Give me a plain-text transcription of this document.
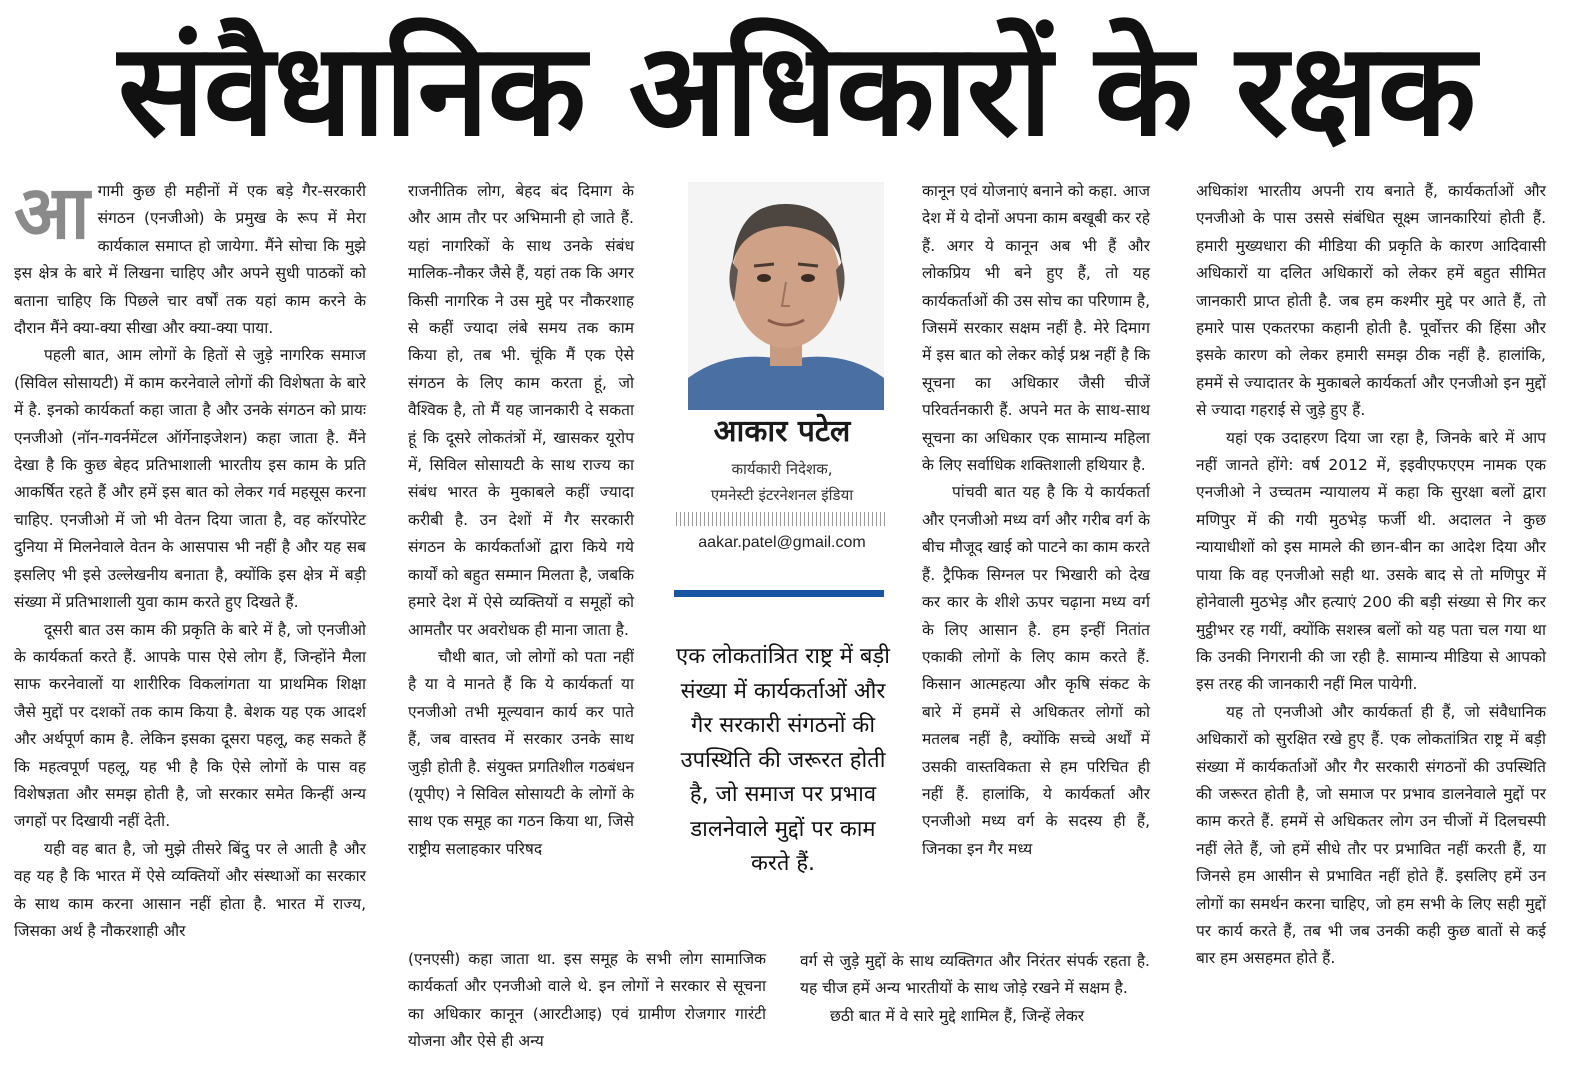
संवैधानिक अधिकारों के रक्षक

आगामी कुछ ही महीनों में एक बड़े गैर-सरकारी संगठन (एनजीओ) के प्रमुख के रूप में मेरा कार्यकाल समाप्त हो जायेगा. मैंने सोचा कि मुझे इस क्षेत्र के बारे में लिखना चाहिए और अपने सुधी पाठकों को बताना चाहिए कि पिछले चार वर्षों तक यहां काम करने के दौरान मैंने क्या-क्या सीखा और क्या-क्या पाया.

पहली बात, आम लोगों के हितों से जुड़े नागरिक समाज (सिविल सोसायटी) में काम करनेवाले लोगों की विशेषता के बारे में है. इनको कार्यकर्ता कहा जाता है और उनके संगठन को प्रायः एनजीओ (नॉन-गवर्नमेंटल ऑर्गेनाइजेशन) कहा जाता है. मैंने देखा है कि कुछ बेहद प्रतिभाशाली भारतीय इस काम के प्रति आकर्षित रहते हैं और हमें इस बात को लेकर गर्व महसूस करना चाहिए. एनजीओ में जो भी वेतन दिया जाता है, वह कॉरपोरेट दुनिया में मिलनेवाले वेतन के आसपास भी नहीं है और यह सब इसलिए भी इसे उल्लेखनीय बनाता है, क्योंकि इस क्षेत्र में बड़ी संख्या में प्रतिभाशाली युवा काम करते हुए दिखते हैं.

दूसरी बात उस काम की प्रकृति के बारे में है, जो एनजीओ के कार्यकर्ता करते हैं. आपके पास ऐसे लोग हैं, जिन्होंने मैला साफ करनेवालों या शारीरिक विकलांगता या प्राथमिक शिक्षा जैसे मुद्दों पर दशकों तक काम किया है. बेशक यह एक आदर्श और अर्थपूर्ण काम है. लेकिन इसका दूसरा पहलू, कह सकते हैं कि महत्वपूर्ण पहलू, यह भी है कि ऐसे लोगों के पास वह विशेषज्ञता और समझ होती है, जो सरकार समेत किन्हीं अन्य जगहों पर दिखायी नहीं देती.

यही वह बात है, जो मुझे तीसरे बिंदु पर ले आती है और वह यह है कि भारत में ऐसे व्यक्तियों और संस्थाओं का सरकार के साथ काम करना आसान नहीं होता है. भारत में राज्य, जिसका अर्थ है नौकरशाही और

राजनीतिक लोग, बेहद बंद दिमाग के और आम तौर पर अभिमानी हो जाते हैं. यहां नागरिकों के साथ उनके संबंध मालिक-नौकर जैसे हैं, यहां तक कि अगर किसी नागरिक ने उस मुद्दे पर नौकरशाह से कहीं ज्यादा लंबे समय तक काम किया हो, तब भी. चूंकि मैं एक ऐसे संगठन के लिए काम करता हूं, जो वैश्विक है, तो मैं यह जानकारी दे सकता हूं कि दूसरे लोकतंत्रों में, खासकर यूरोप में, सिविल सोसायटी के साथ राज्य का संबंध भारत के मुकाबले कहीं ज्यादा करीबी है. उन देशों में गैर सरकारी संगठन के कार्यकर्ताओं द्वारा किये गये कार्यों को बहुत सम्मान मिलता है, जबकि हमारे देश में ऐसे व्यक्तियों व समूहों को आमतौर पर अवरोधक ही माना जाता है.

चौथी बात, जो लोगों को पता नहीं है या वे मानते हैं कि ये कार्यकर्ता या एनजीओ तभी मूल्यवान कार्य कर पाते हैं, जब वास्तव में सरकार उनके साथ जुड़ी होती है. संयुक्त प्रगतिशील गठबंधन (यूपीए) ने सिविल सोसायटी के लोगों के साथ एक समूह का गठन किया था, जिसे राष्ट्रीय सलाहकार परिषद

(एनएसी) कहा जाता था. इस समूह के सभी लोग सामाजिक कार्यकर्ता और एनजीओ वाले थे. इन लोगों ने सरकार से सूचना का अधिकार कानून (आरटीआइ) एवं ग्रामीण रोजगार गारंटी योजना और ऐसे ही अन्य

आकार पटेल
कार्यकारी निदेशक,
एमनेस्टी इंटरनेशनल इंडिया
aakar.patel@gmail.com
एक लोकतांत्रित राष्ट्र में बड़ी संख्या में कार्यकर्ताओं और गैर सरकारी संगठनों की उपस्थिति की जरूरत होती है, जो समाज पर प्रभाव डालनेवाले मुद्दों पर काम करते हैं.

कानून एवं योजनाएं बनाने को कहा. आज देश में ये दोनों अपना काम बखूबी कर रहे हैं. अगर ये कानून अब भी हैं और लोकप्रिय भी बने हुए हैं, तो यह कार्यकर्ताओं की उस सोच का परिणाम है, जिसमें सरकार सक्षम नहीं है. मेरे दिमाग में इस बात को लेकर कोई प्रश्न नहीं है कि सूचना का अधिकार जैसी चीजें परिवर्तनकारी हैं. अपने मत के साथ-साथ सूचना का अधिकार एक सामान्य महिला के लिए सर्वाधिक शक्तिशाली हथियार है.

पांचवी बात यह है कि ये कार्यकर्ता और एनजीओ मध्य वर्ग और गरीब वर्ग के बीच मौजूद खाई को पाटने का काम करते हैं. ट्रैफिक सिग्नल पर भिखारी को देख कर कार के शीशे ऊपर चढ़ाना मध्य वर्ग के लिए आसान है. हम इन्हीं नितांत एकाकी लोगों के लिए काम करते हैं. किसान आत्महत्या और कृषि संकट के बारे में हममें से अधिकतर लोगों को मतलब नहीं है, क्योंकि सच्चे अर्थों में उसकी वास्तविकता से हम परिचित ही नहीं हैं. हालांकि, ये कार्यकर्ता और एनजीओ मध्य वर्ग के सदस्य ही हैं, जिनका इन गैर मध्य

वर्ग से जुड़े मुद्दों के साथ व्यक्तिगत और निरंतर संपर्क रहता है. यह चीज हमें अन्य भारतीयों के साथ जोड़े रखने में सक्षम है.

छठी बात में वे सारे मुद्दे शामिल हैं, जिन्हें लेकर

अधिकांश भारतीय अपनी राय बनाते हैं, कार्यकर्ताओं और एनजीओ के पास उससे संबंधित सूक्ष्म जानकारियां होती हैं. हमारी मुख्यधारा की मीडिया की प्रकृति के कारण आदिवासी अधिकारों या दलित अधिकारों को लेकर हमें बहुत सीमित जानकारी प्राप्त होती है. जब हम कश्मीर मुद्दे पर आते हैं, तो हमारे पास एकतरफा कहानी होती है. पूर्वोत्तर की हिंसा और इसके कारण को लेकर हमारी समझ ठीक नहीं है. हालांकि, हममें से ज्यादातर के मुकाबले कार्यकर्ता और एनजीओ इन मुद्दों से ज्यादा गहराई से जुड़े हुए हैं.

यहां एक उदाहरण दिया जा रहा है, जिनके बारे में आप नहीं जानते होंगे: वर्ष 2012 में, इइवीएफएएम नामक एक एनजीओ ने उच्चतम न्यायालय में कहा कि सुरक्षा बलों द्वारा मणिपुर में की गयी मुठभेड़ फर्जी थी. अदालत ने कुछ न्यायाधीशों को इस मामले की छान-बीन का आदेश दिया और पाया कि वह एनजीओ सही था. उसके बाद से तो मणिपुर में होनेवाली मुठभेड़ और हत्याएं 200 की बड़ी संख्या से गिर कर मुट्ठीभर रह गयीं, क्योंकि सशस्त्र बलों को यह पता चल गया था कि उनकी निगरानी की जा रही है. सामान्य मीडिया से आपको इस तरह की जानकारी नहीं मिल पायेगी.

यह तो एनजीओ और कार्यकर्ता ही हैं, जो संवैधानिक अधिकारों को सुरक्षित रखे हुए हैं. एक लोकतांत्रित राष्ट्र में बड़ी संख्या में कार्यकर्ताओं और गैर सरकारी संगठनों की उपस्थिति की जरूरत होती है, जो समाज पर प्रभाव डालनेवाले मुद्दों पर काम करते हैं. हममें से अधिकतर लोग उन चीजों में दिलचस्पी नहीं लेते हैं, जो हमें सीधे तौर पर प्रभावित नहीं करती हैं, या जिनसे हम आसीन से प्रभावित नहीं होते हैं. इसलिए हमें उन लोगों का समर्थन करना चाहिए, जो हम सभी के लिए सही मुद्दों पर कार्य करते हैं, तब भी जब उनकी कही कुछ बातों से कई बार हम असहमत होते हैं.
